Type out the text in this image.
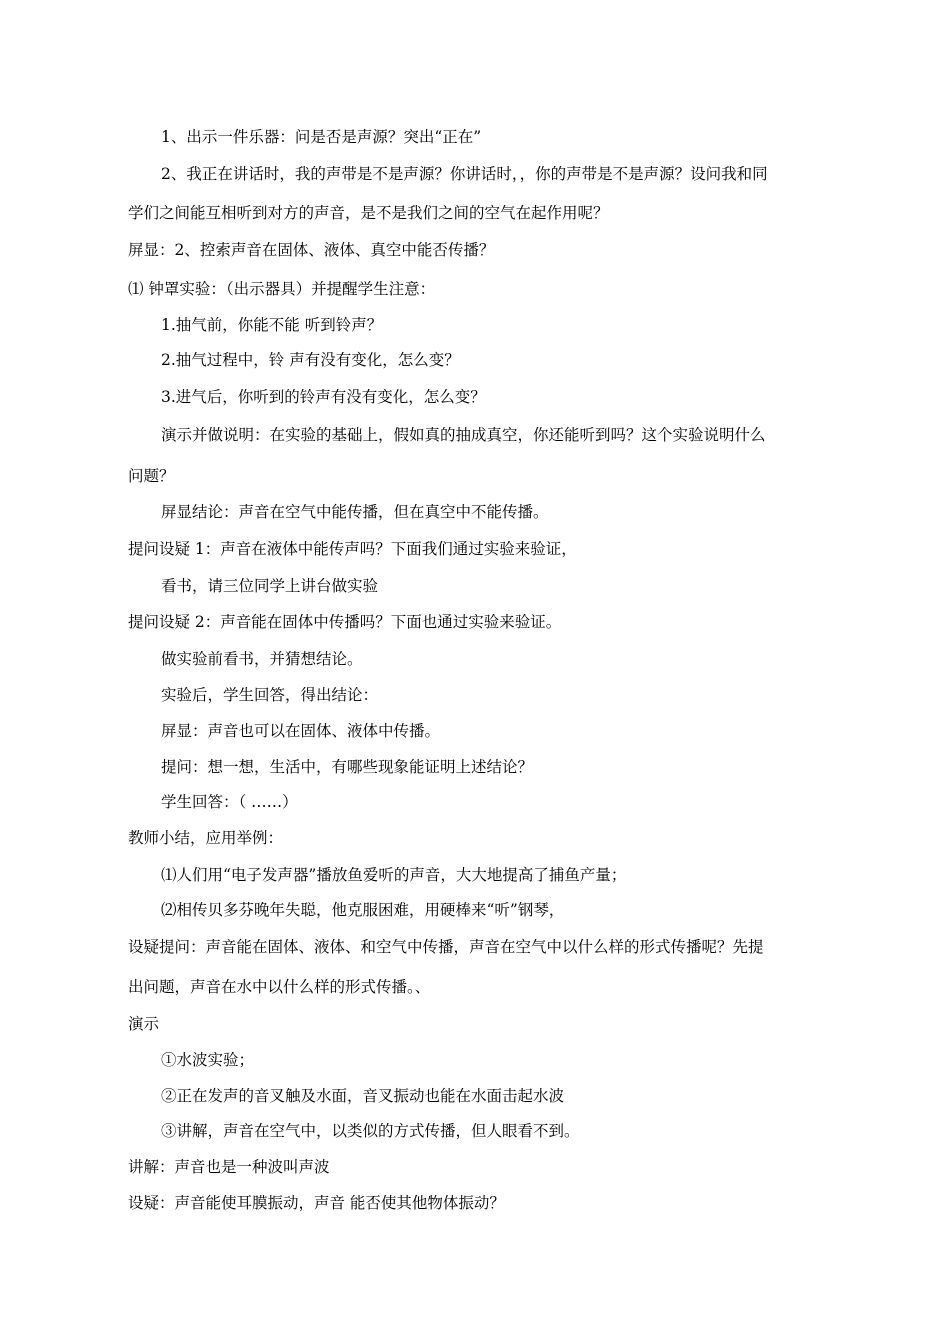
1、出示一件乐器：问是否是声源？突出“正在”
2、我正在讲话时，我的声带是不是声源？你讲话时，，你的声带是不是声源？设问我和同
学们之间能互相听到对方的声音，是不是我们之间的空气在起作用呢？
屏显：2、控索声音在固体、液体、真空中能否传播？
⑴ 钟罩实验：（出示器具）并提醒学生注意：
1.抽气前，你能不能 听到铃声？
2.抽气过程中，铃 声有没有变化，怎么变？
3.进气后，你听到的铃声有没有变化，怎么变？
演示并做说明：在实验的基础上，假如真的抽成真空，你还能听到吗？这个实验说明什么
问题？
屏显结论：声音在空气中能传播，但在真空中不能传播。
提问设疑 1：声音在液体中能传声吗？下面我们通过实验来验证，
看书，请三位同学上讲台做实验
提问设疑 2：声音能在固体中传播吗？下面也通过实验来验证。
做实验前看书，并猜想结论。
实验后，学生回答，得出结论：
屏显：声音也可以在固体、液体中传播。
提问：想一想，生活中，有哪些现象能证明上述结论？
学生回答：（ ……）
教师小结，应用举例：
⑴人们用“电子发声器”播放鱼爱听的声音，大大地提高了捕鱼产量；
⑵相传贝多芬晚年失聪，他克服困难，用硬棒来“听”钢琴，
设疑提问：声音能在固体、液体、和空气中传播，声音在空气中以什么样的形式传播呢？先提
出问题，声音在水中以什么样的形式传播。、
演示
①水波实验；
②正在发声的音叉触及水面，音叉振动也能在水面击起水波
③讲解，声音在空气中，以类似的方式传播，但人眼看不到。
讲解：声音也是一种波叫声波
设疑：声音能使耳膜振动，声音 能否使其他物体振动？
